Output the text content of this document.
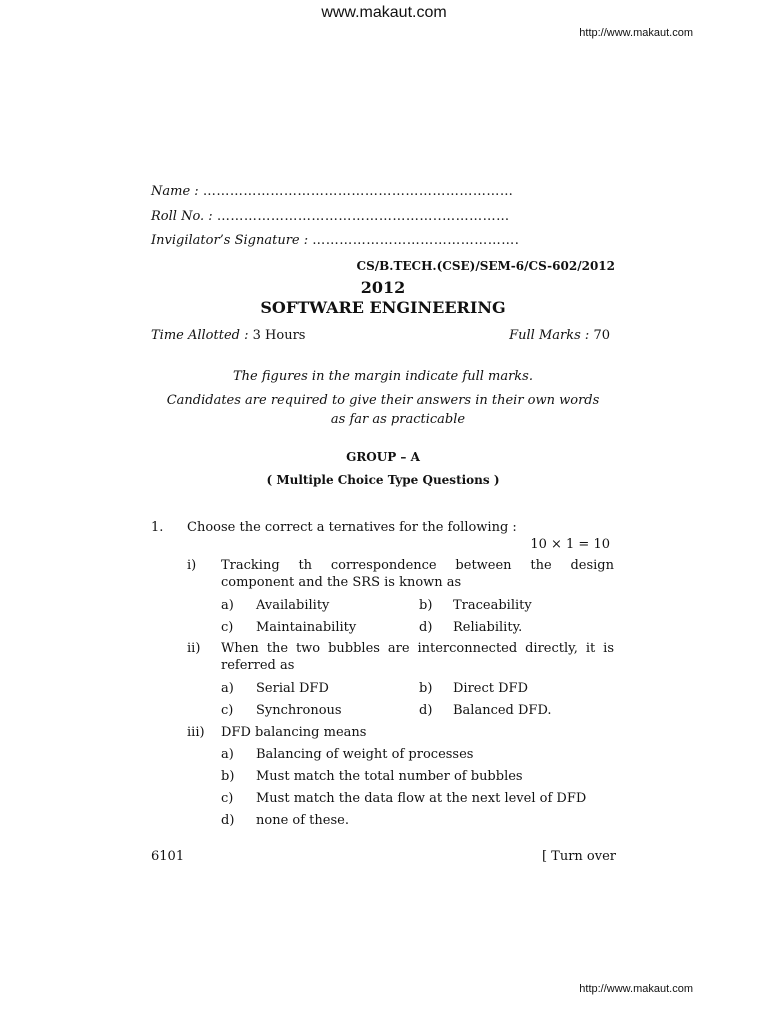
www.makaut.com
http://www.makaut.com
Name : ……………………………………………………………
Roll No. : …………………………………………..……………
Invigilator’s Signature : ……………………………………….
CS/B.TECH.(CSE)/SEM-6/CS-602/2012
2012
SOFTWARE ENGINEERING
Time Allotted : 3 Hours	Full Marks : 70
The figures in the margin indicate full marks.
Candidates are required to give their answers in their own words
as far as practicable
GROUP – A
( Multiple Choice Type Questions )
1. Choose the correct a ternatives for the following :
10 × 1 = 10
i) Tracking th correspondence between the design
component and the SRS is known as
a) Availability	b) Traceability
c) Maintainability	d) Reliability.
ii) When the two bubbles are interconnected directly, it is
referred as
a) Serial DFD	b) Direct DFD
c) Synchronous	d) Balanced DFD.
iii) DFD balancing means
a) Balancing of weight of processes
b) Must match the total number of bubbles
c) Must match the data flow at the next level of DFD
d) none of these.
6101	[ Turn over
http://www.makaut.com
